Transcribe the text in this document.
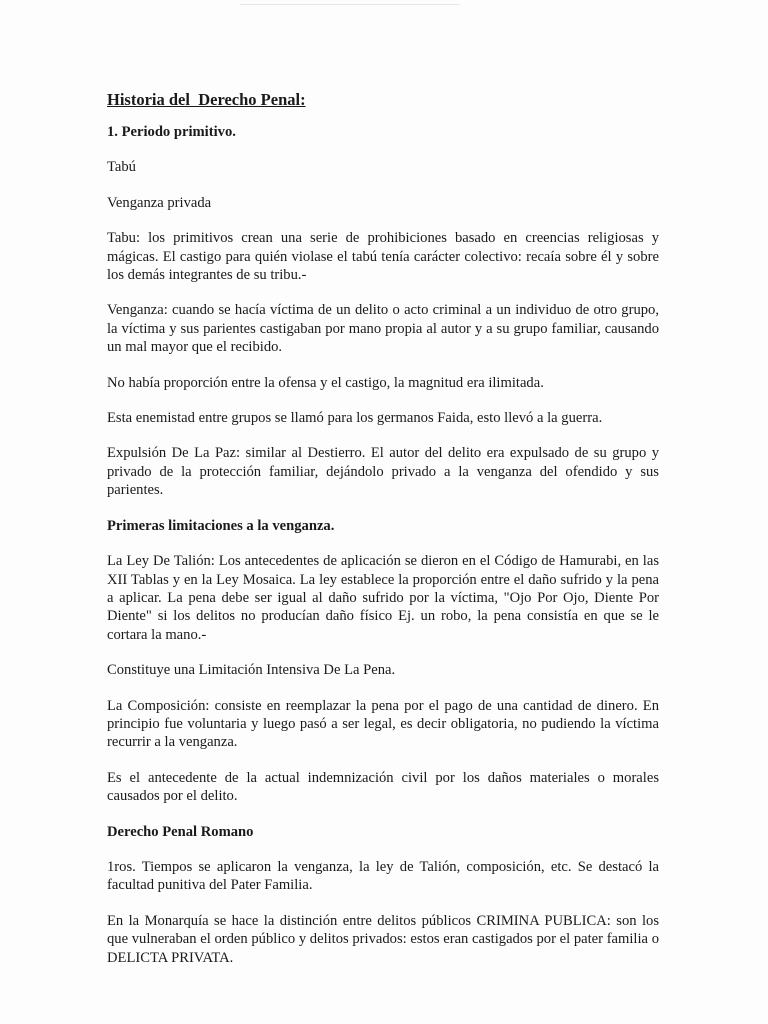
Historia del  Derecho Penal:
1. Periodo primitivo.
Tabú
Venganza privada
Tabu: los primitivos crean una serie de prohibiciones basado en creencias religiosas y mágicas. El castigo para quién violase el tabú tenía carácter colectivo: recaía sobre él y sobre los demás integrantes de su tribu.-
Venganza: cuando se hacía víctima de un delito o acto criminal a un individuo de otro grupo, la víctima y sus parientes castigaban por mano propia al autor y a su grupo familiar, causando un mal mayor que el recibido.
No había proporción entre la ofensa y el castigo, la magnitud era ilimitada.
Esta enemistad entre grupos se llamó para los germanos Faida, esto llevó a la guerra.
Expulsión De La Paz: similar al Destierro. El autor del delito era expulsado de su grupo y privado de la protección familiar, dejándolo privado a la venganza del ofendido y sus parientes.
Primeras limitaciones a la venganza.
La Ley De Talión: Los antecedentes de aplicación se dieron en el Código de Hamurabi, en las XII Tablas y en la Ley Mosaica. La ley establece la proporción entre el daño sufrido y la pena a aplicar. La pena debe ser igual al daño sufrido por la víctima, "Ojo Por Ojo, Diente Por Diente" si los delitos no producían daño físico Ej. un robo, la pena consistía en que se le cortara la mano.-
Constituye una Limitación Intensiva De La Pena.
La Composición: consiste en reemplazar la pena por el pago de una cantidad de dinero. En principio fue voluntaria y luego pasó a ser legal, es decir obligatoria, no pudiendo la víctima recurrir a la venganza.
Es el antecedente de la actual indemnización civil por los daños materiales o morales causados por el delito.
Derecho Penal Romano
1ros. Tiempos se aplicaron la venganza, la ley de Talión, composición, etc. Se destacó la facultad punitiva del Pater Familia.
En la Monarquía se hace la distinción entre delitos públicos CRIMINA PUBLICA: son los que vulneraban el orden público y delitos privados: estos eran castigados por el pater familia o DELICTA PRIVATA.
